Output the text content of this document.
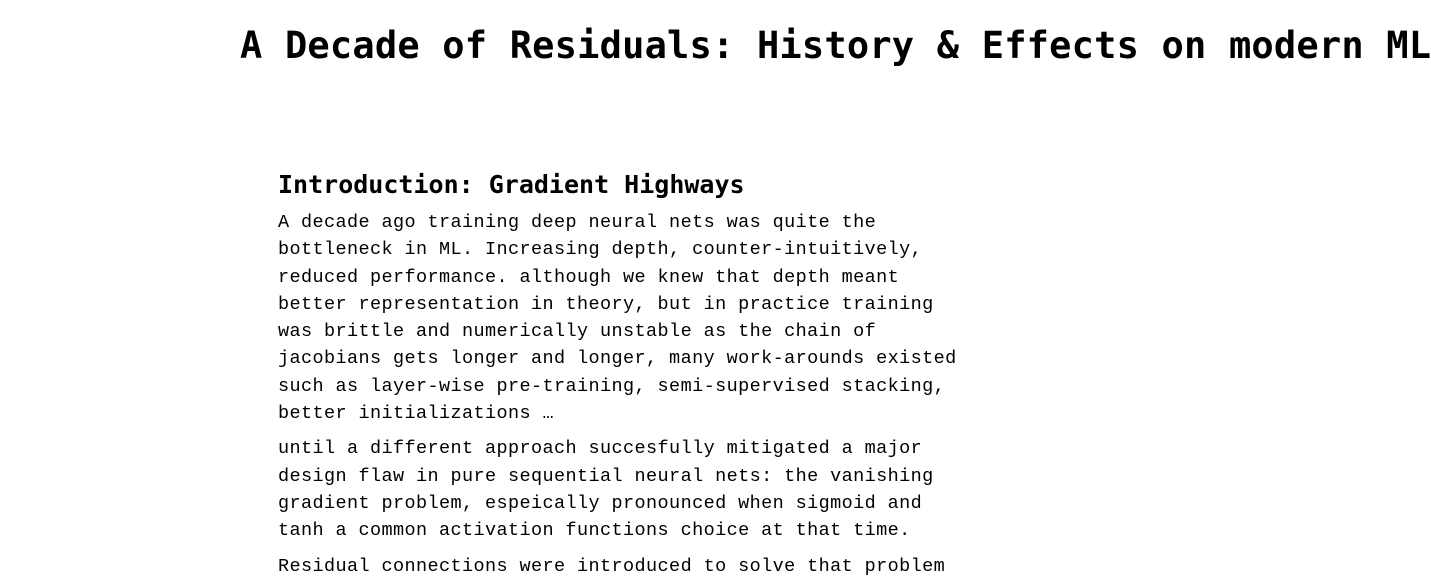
A Decade of Residuals: History & Effects on modern ML
Introduction: Gradient Highways

A decade ago training deep neural nets was quite the
bottleneck in ML. Increasing depth, counter-intuitively,
reduced performance. although we knew that depth meant
better representation in theory, but in practice training
was brittle and numerically unstable as the chain of
jacobians gets longer and longer, many work-arounds existed
such as layer-wise pre-training, semi-supervised stacking,
better initializations …

until a different approach succesfully mitigated a major
design flaw in pure sequential neural nets: the vanishing
gradient problem, espeically pronounced when sigmoid and
tanh a common activation functions choice at that time.

Residual connections were introduced to solve that problem
